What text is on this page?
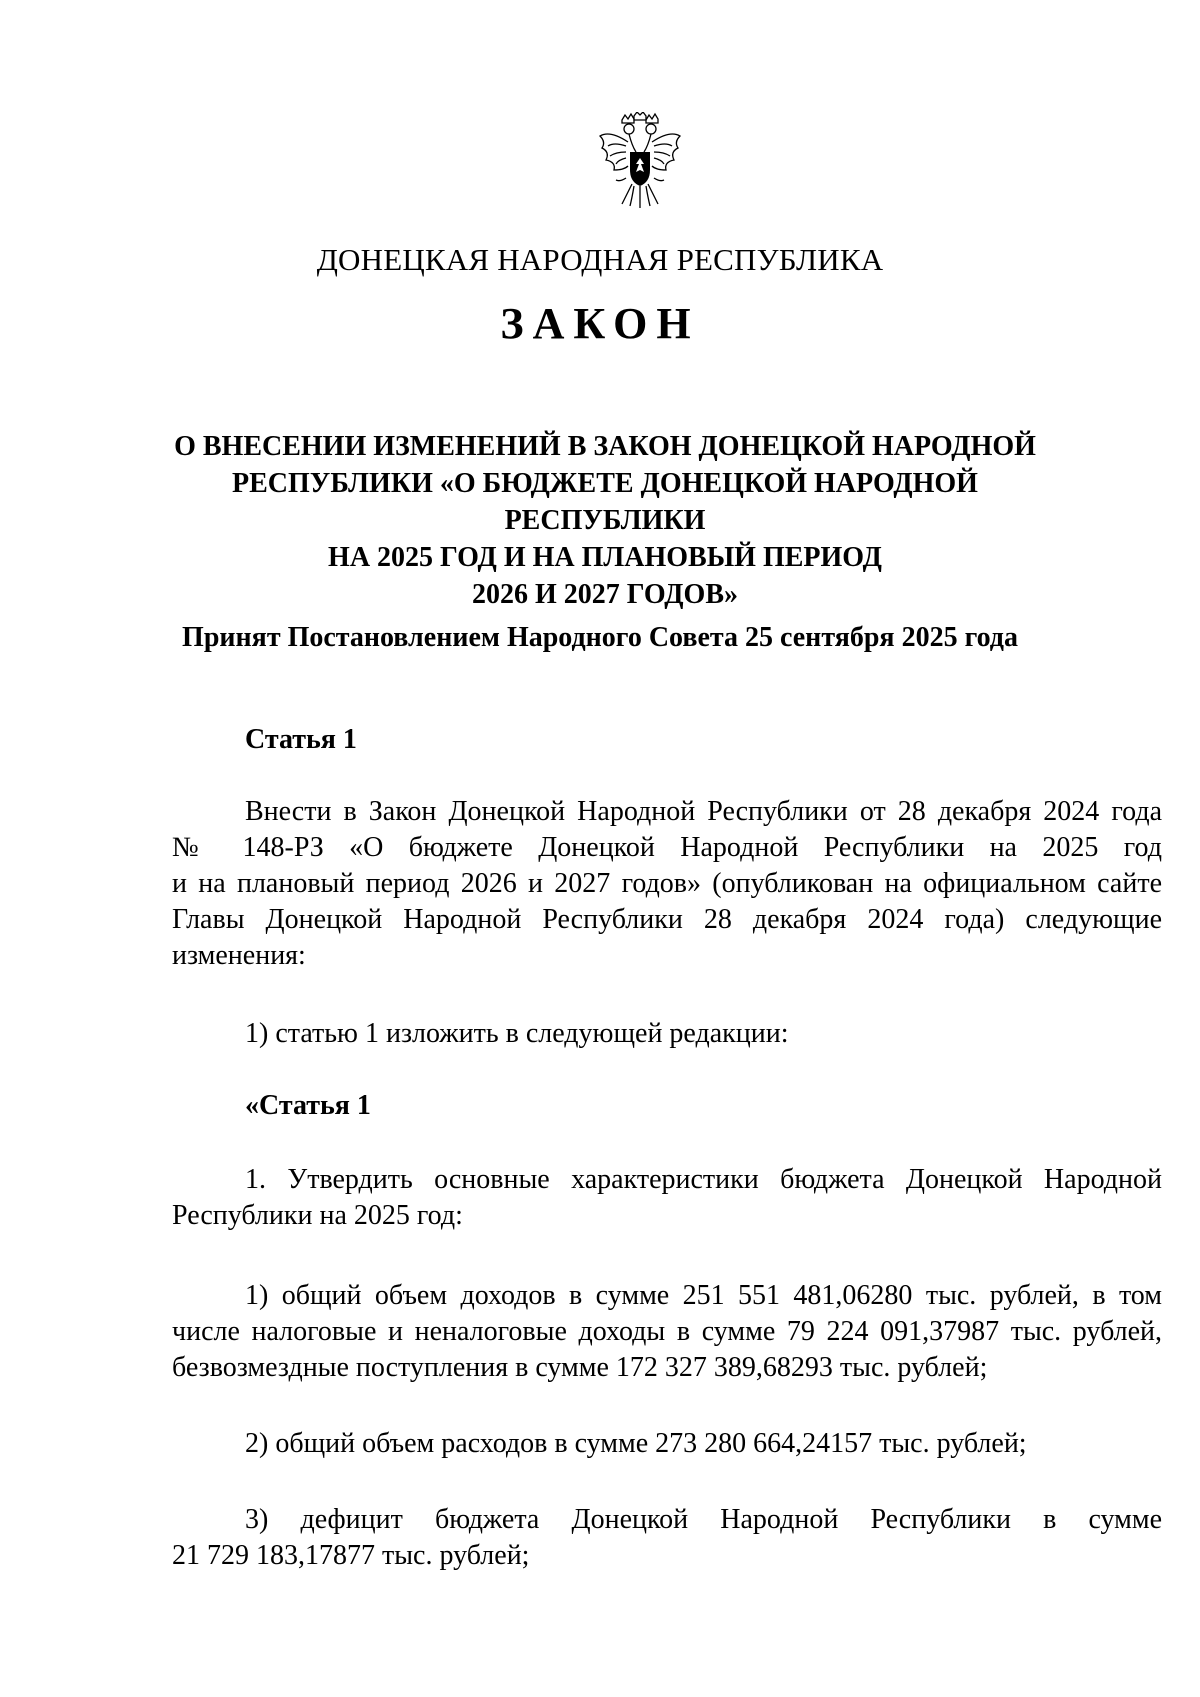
ДОНЕЦКАЯ НАРОДНАЯ РЕСПУБЛИКА
ЗАКОН
О ВНЕСЕНИИ ИЗМЕНЕНИЙ В ЗАКОН ДОНЕЦКОЙ НАРОДНОЙ
РЕСПУБЛИКИ «О БЮДЖЕТЕ ДОНЕЦКОЙ НАРОДНОЙ РЕСПУБЛИКИ
НА 2025 ГОД И НА ПЛАНОВЫЙ ПЕРИОД
2026 И 2027 ГОДОВ»
Принят Постановлением Народного Совета 25 сентября 2025 года
Статья 1
Внести в Закон Донецкой Народной Республики от 28 декабря 2024 года
№ 148-РЗ «О бюджете Донецкой Народной Республики на 2025 год
и на плановый период 2026 и 2027 годов» (опубликован на официальном сайте
Главы Донецкой Народной Республики 28 декабря 2024 года) следующие
изменения:
1) статью 1 изложить в следующей редакции:
«Статья 1
1. Утвердить основные характеристики бюджета Донецкой Народной
Республики на 2025 год:
1) общий объем доходов в сумме 251 551 481,06280 тыс. рублей, в том
числе налоговые и неналоговые доходы в сумме 79 224 091,37987 тыс. рублей,
безвозмездные поступления в сумме 172 327 389,68293 тыс. рублей;
2) общий объем расходов в сумме 273 280 664,24157 тыс. рублей;
3) дефицит бюджета Донецкой Народной Республики в сумме
21 729 183,17877 тыс. рублей;
